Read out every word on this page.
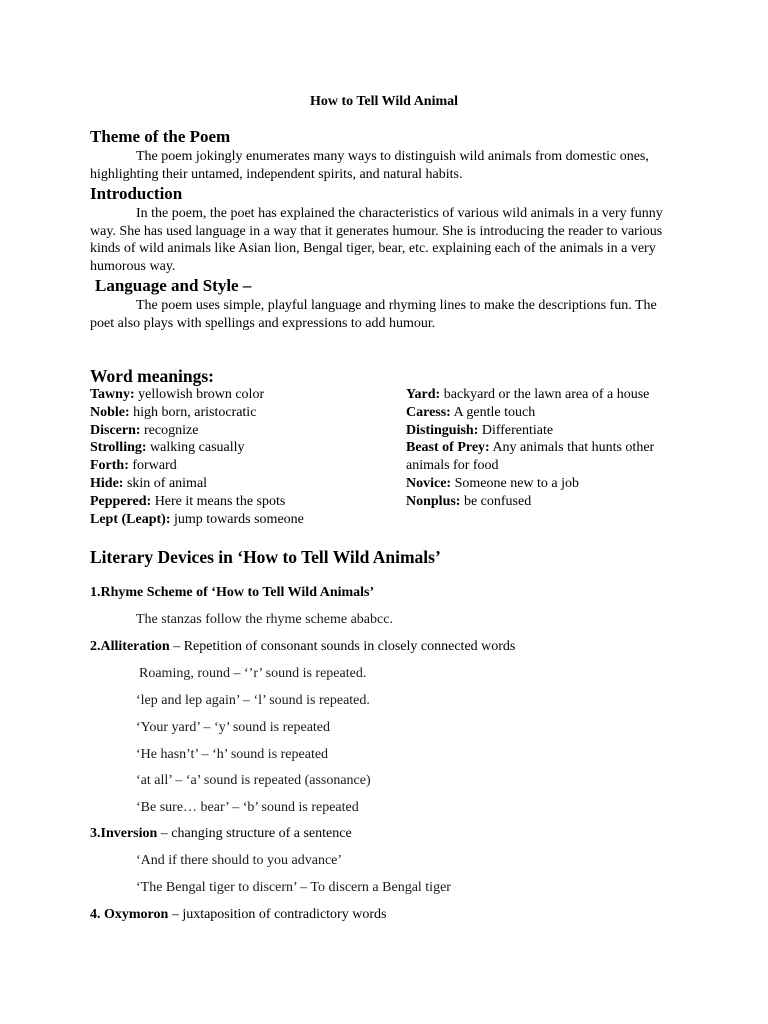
How to Tell Wild Animal
Theme of the Poem
The poem jokingly enumerates many ways to distinguish wild animals from domestic ones, highlighting their untamed, independent spirits, and natural habits.
Introduction
In the poem, the poet has explained the characteristics of various wild animals in a very funny way. She has used language in a way that it generates humour. She is introducing the reader to various kinds of wild animals like Asian lion, Bengal tiger, bear, etc. explaining each of the animals in a very humorous way.
Language and Style –
The poem uses simple, playful language and rhyming lines to make the descriptions fun. The poet also plays with spellings and expressions to add humour.
Word meanings:
Tawny: yellowish brown color
Noble: high born, aristocratic
Discern: recognize
Strolling: walking casually
Forth: forward
Hide: skin of animal
Peppered: Here it means the spots
Lept (Leapt): jump towards someone
Yard: backyard or the lawn area of a house
Caress: A gentle touch
Distinguish: Differentiate
Beast of Prey: Any animals that hunts other animals for food
Novice: Someone new to a job
Nonplus: be confused
Literary Devices in ‘How to Tell Wild Animals’
1.Rhyme Scheme of ‘How to Tell Wild Animals’
The stanzas follow the rhyme scheme ababcc.
2.Alliteration – Repetition of consonant sounds in closely connected words
Roaming, round – ‘’r’ sound is repeated.
‘lep and lep again’ – ‘l’ sound is repeated.
‘Your yard’ – ‘y’ sound is repeated
‘He hasn’t’ – ‘h’ sound is repeated
‘at all’ – ‘a’ sound is repeated (assonance)
‘Be sure… bear’ – ‘b’ sound is repeated
3.Inversion – changing structure of a sentence
‘And if there should to you advance’
‘The Bengal tiger to discern’ – To discern a Bengal tiger
4. Oxymoron – juxtaposition of contradictory words
